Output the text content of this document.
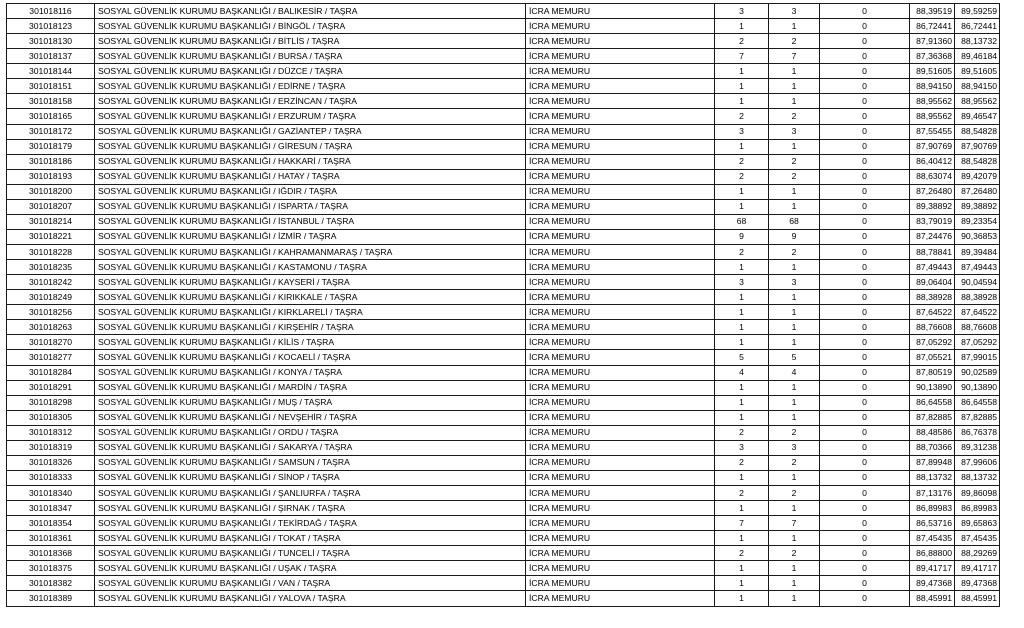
301018116	SOSYAL GÜVENLİK KURUMU BAŞKANLIĞI / BALIKESİR / TAŞRA	İCRA MEMURU	3	3	0	88,39519	89,59259
301018123	SOSYAL GÜVENLİK KURUMU BAŞKANLIĞI / BİNGÖL / TAŞRA	İCRA MEMURU	1	1	0	86,72441	86,72441
301018130	SOSYAL GÜVENLİK KURUMU BAŞKANLIĞI / BİTLİS / TAŞRA	İCRA MEMURU	2	2	0	87,91360	88,13732
301018137	SOSYAL GÜVENLİK KURUMU BAŞKANLIĞI / BURSA / TAŞRA	İCRA MEMURU	7	7	0	87,36368	89,46184
301018144	SOSYAL GÜVENLİK KURUMU BAŞKANLIĞI / DÜZCE / TAŞRA	İCRA MEMURU	1	1	0	89,51605	89,51605
301018151	SOSYAL GÜVENLİK KURUMU BAŞKANLIĞI / EDİRNE / TAŞRA	İCRA MEMURU	1	1	0	88,94150	88,94150
301018158	SOSYAL GÜVENLİK KURUMU BAŞKANLIĞI / ERZİNCAN / TAŞRA	İCRA MEMURU	1	1	0	88,95562	88,95562
301018165	SOSYAL GÜVENLİK KURUMU BAŞKANLIĞI / ERZURUM / TAŞRA	İCRA MEMURU	2	2	0	88,95562	89,46547
301018172	SOSYAL GÜVENLİK KURUMU BAŞKANLIĞI / GAZİANTEP / TAŞRA	İCRA MEMURU	3	3	0	87,55455	88,54828
301018179	SOSYAL GÜVENLİK KURUMU BAŞKANLIĞI / GİRESUN / TAŞRA	İCRA MEMURU	1	1	0	87,90769	87,90769
301018186	SOSYAL GÜVENLİK KURUMU BAŞKANLIĞI / HAKKARİ / TAŞRA	İCRA MEMURU	2	2	0	86,40412	88,54828
301018193	SOSYAL GÜVENLİK KURUMU BAŞKANLIĞI / HATAY / TAŞRA	İCRA MEMURU	2	2	0	88,63074	89,42079
301018200	SOSYAL GÜVENLİK KURUMU BAŞKANLIĞI / IĞDIR / TAŞRA	İCRA MEMURU	1	1	0	87,26480	87,26480
301018207	SOSYAL GÜVENLİK KURUMU BAŞKANLIĞI / ISPARTA / TAŞRA	İCRA MEMURU	1	1	0	89,38892	89,38892
301018214	SOSYAL GÜVENLİK KURUMU BAŞKANLIĞI / İSTANBUL / TAŞRA	İCRA MEMURU	68	68	0	83,79019	89,23354
301018221	SOSYAL GÜVENLİK KURUMU BAŞKANLIĞI / İZMİR / TAŞRA	İCRA MEMURU	9	9	0	87,24476	90,36853
301018228	SOSYAL GÜVENLİK KURUMU BAŞKANLIĞI / KAHRAMANMARAŞ / TAŞRA	İCRA MEMURU	2	2	0	88,78841	89,39484
301018235	SOSYAL GÜVENLİK KURUMU BAŞKANLIĞI / KASTAMONU / TAŞRA	İCRA MEMURU	1	1	0	87,49443	87,49443
301018242	SOSYAL GÜVENLİK KURUMU BAŞKANLIĞI / KAYSERİ / TAŞRA	İCRA MEMURU	3	3	0	89,06404	90,04594
301018249	SOSYAL GÜVENLİK KURUMU BAŞKANLIĞI / KIRIKKALE / TAŞRA	İCRA MEMURU	1	1	0	88,38928	88,38928
301018256	SOSYAL GÜVENLİK KURUMU BAŞKANLIĞI / KIRKLARELİ / TAŞRA	İCRA MEMURU	1	1	0	87,64522	87,64522
301018263	SOSYAL GÜVENLİK KURUMU BAŞKANLIĞI / KIRŞEHİR / TAŞRA	İCRA MEMURU	1	1	0	88,76608	88,76608
301018270	SOSYAL GÜVENLİK KURUMU BAŞKANLIĞI / KİLİS / TAŞRA	İCRA MEMURU	1	1	0	87,05292	87,05292
301018277	SOSYAL GÜVENLİK KURUMU BAŞKANLIĞI / KOCAELİ / TAŞRA	İCRA MEMURU	5	5	0	87,05521	87,99015
301018284	SOSYAL GÜVENLİK KURUMU BAŞKANLIĞI / KONYA / TAŞRA	İCRA MEMURU	4	4	0	87,80519	90,02589
301018291	SOSYAL GÜVENLİK KURUMU BAŞKANLIĞI / MARDİN / TAŞRA	İCRA MEMURU	1	1	0	90,13890	90,13890
301018298	SOSYAL GÜVENLİK KURUMU BAŞKANLIĞI / MUŞ / TAŞRA	İCRA MEMURU	1	1	0	86,64558	86,64558
301018305	SOSYAL GÜVENLİK KURUMU BAŞKANLIĞI / NEVŞEHİR / TAŞRA	İCRA MEMURU	1	1	0	87,82885	87,82885
301018312	SOSYAL GÜVENLİK KURUMU BAŞKANLIĞI / ORDU / TAŞRA	İCRA MEMURU	2	2	0	88,48586	86,76378
301018319	SOSYAL GÜVENLİK KURUMU BAŞKANLIĞI / SAKARYA / TAŞRA	İCRA MEMURU	3	3	0	88,70366	89,31238
301018326	SOSYAL GÜVENLİK KURUMU BAŞKANLIĞI / SAMSUN / TAŞRA	İCRA MEMURU	2	2	0	87,89948	87,99606
301018333	SOSYAL GÜVENLİK KURUMU BAŞKANLIĞI / SİNOP / TAŞRA	İCRA MEMURU	1	1	0	88,13732	88,13732
301018340	SOSYAL GÜVENLİK KURUMU BAŞKANLIĞI / ŞANLIURFA / TAŞRA	İCRA MEMURU	2	2	0	87,13176	89,86098
301018347	SOSYAL GÜVENLİK KURUMU BAŞKANLIĞI / ŞIRNAK / TAŞRA	İCRA MEMURU	1	1	0	86,89983	86,89983
301018354	SOSYAL GÜVENLİK KURUMU BAŞKANLIĞI / TEKİRDAĞ / TAŞRA	İCRA MEMURU	7	7	0	86,53716	89,65863
301018361	SOSYAL GÜVENLİK KURUMU BAŞKANLIĞI / TOKAT / TAŞRA	İCRA MEMURU	1	1	0	87,45435	87,45435
301018368	SOSYAL GÜVENLİK KURUMU BAŞKANLIĞI / TUNCELİ / TAŞRA	İCRA MEMURU	2	2	0	86,88800	88,29269
301018375	SOSYAL GÜVENLİK KURUMU BAŞKANLIĞI / UŞAK / TAŞRA	İCRA MEMURU	1	1	0	89,41717	89,41717
301018382	SOSYAL GÜVENLİK KURUMU BAŞKANLIĞI / VAN / TAŞRA	İCRA MEMURU	1	1	0	89,47368	89,47368
301018389	SOSYAL GÜVENLİK KURUMU BAŞKANLIĞI / YALOVA / TAŞRA	İCRA MEMURU	1	1	0	88,45991	88,45991
